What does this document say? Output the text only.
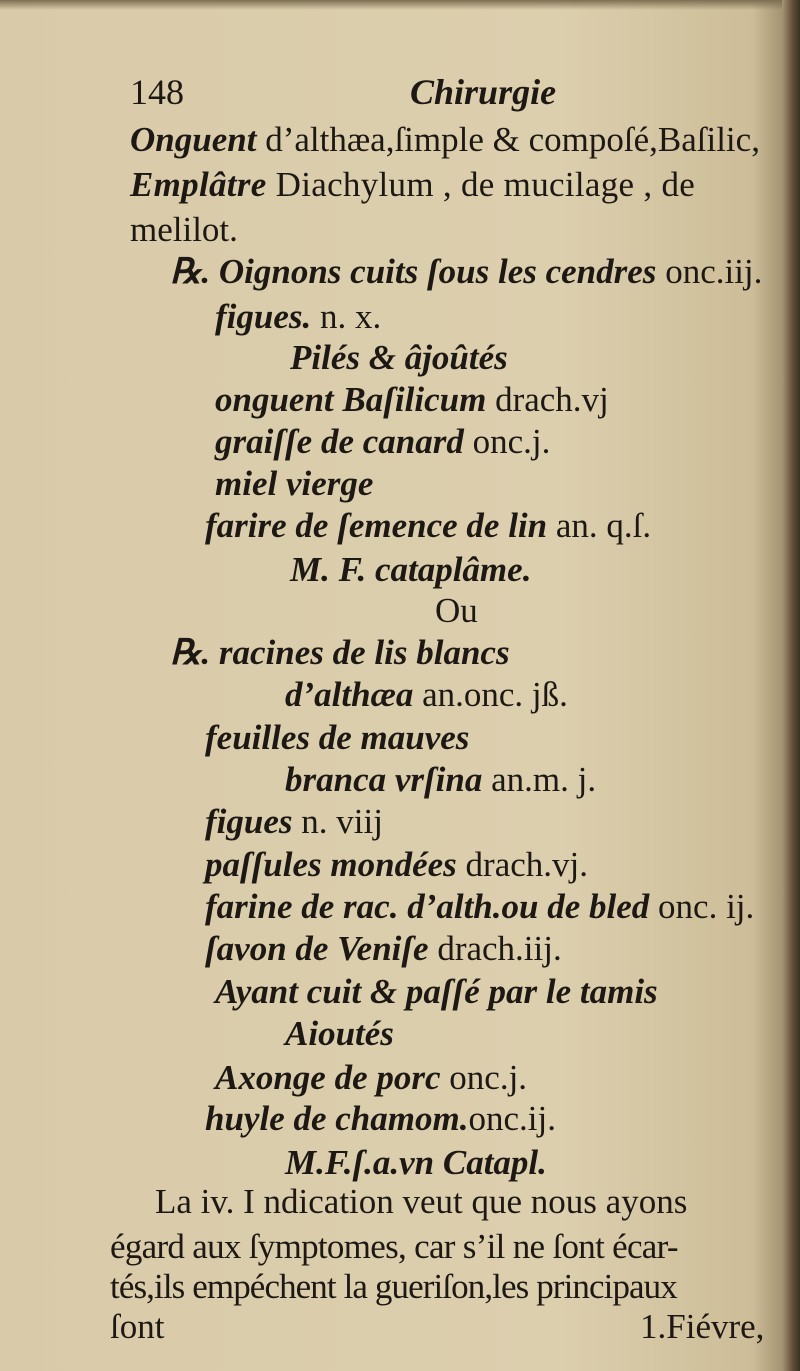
148	Chirurgie
Onguent d’althæa,ſimple & compoſé,Baſilic,
Emplâtre Diachylum , de mucilage , de
melilot.
℞. Oignons cuits ſous les cendres onc.iij.
figues. n. x.
Pilés & âjoûtés
onguent Baſilicum drach.vj
graiſſe de canard onc.j.
miel vierge
farire de ſemence de lin an. q.ſ.
M. F. cataplâme.
Ou
℞. racines de lis blancs
d’althæa an.onc. jß.
feuilles de mauves
branca vrſina an.m. j.
figues n. viij
paſſules mondées drach.vj.
farine de rac. d’alth.ou de bled onc. ij.
ſavon de Veniſe drach.iij.
Ayant cuit & paſſé par le tamis
Aioutés
Axonge de porc onc.j.
huyle de chamom.onc.ij.
M.F.ſ.a.vn Catapl.
La iv. I ndication veut que nous ayons
égard aux ſymptomes, car s’il ne ſont écar-
tés,ils empéchent la gueriſon,les principaux
ſont	1.Fiévre,
